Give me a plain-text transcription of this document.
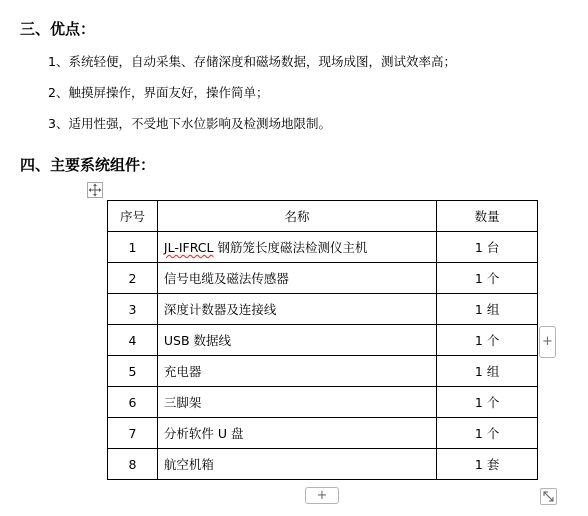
三、优点：
1、系统轻便，自动采集、存储深度和磁场数据，现场成图，测试效率高；
2、触摸屏操作，界面友好，操作简单；
3、适用性强，不受地下水位影响及检测场地限制。
四、主要系统组件：
序号	名称	数量
1	JL-IFRCL 钢筋笼长度磁法检测仪主机	1 台
2	信号电缆及磁法传感器	1 个
3	深度计数器及连接线	1 组
4	USB 数据线	1 个
5	充电器	1 组
6	三脚架	1 个
7	分析软件 U 盘	1 个
8	航空机箱	1 套
+
+
